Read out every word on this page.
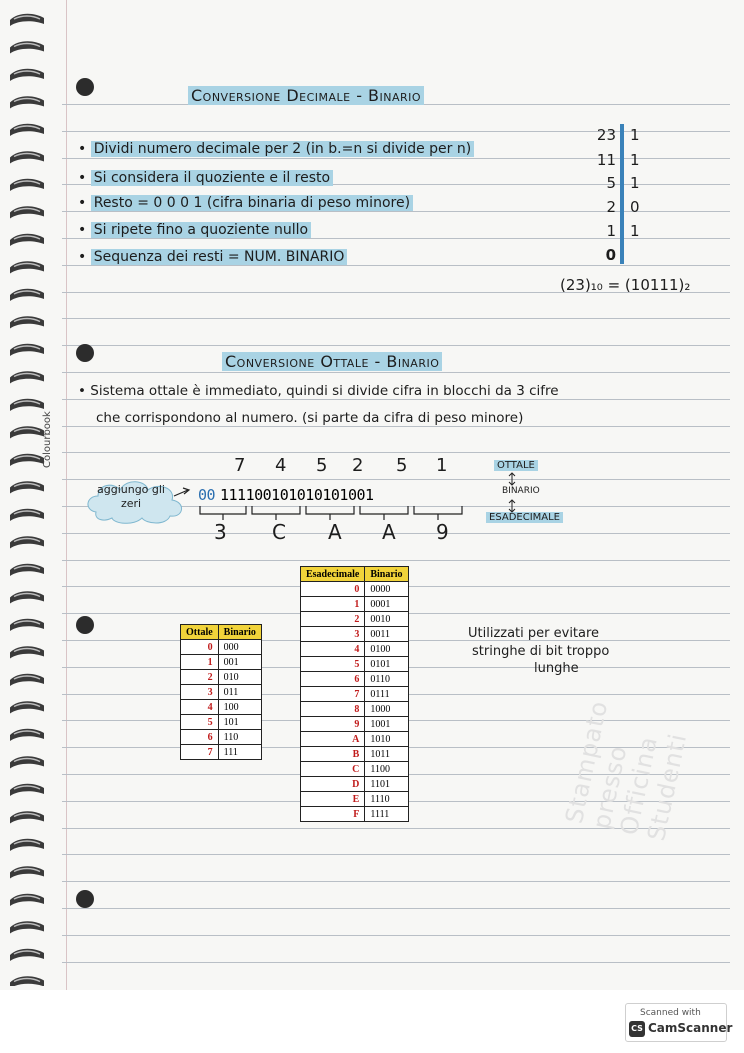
Colourbook
Stampato presso Officina Studenti
Conversione Decimale - Binario
• Dividi numero decimale per 2 (in b.=n si divide per n)
• Si considera il quoziente e il resto
• Resto = 0 0 0 1 (cifra binaria di peso minore)
• Si ripete fino a quoziente nullo
• Sequenza dei resti = NUM. BINARIO
23 1
11 1
5 1
2 0
1 1
0
(23)₁₀ = (10111)₂
Conversione Ottale - Binario
• Sistema ottale è immediato, quindi si divide cifra in blocchi da 3 cifre
che corrispondono al numero. (si parte da cifra di peso minore)
aggiungo gli zeri
7 4 5 2 5 1
00 111100101010101001
3 C A A 9
OTTALE
BINARIO
ESADECIMALE
Ottale	Binario
0	000
1	001
2	010
3	011
4	100
5	101
6	110
7	111
Esadecimale	Binario
0	0000
1	0001
2	0010
3	0011
4	0100
5	0101
6	0110
7	0111
8	1000
9	1001
A	1010
B	1011
C	1100
D	1101
E	1110
F	1111
Utilizzati per evitare
stringhe di bit troppo
lunghe
Scanned with
CS CamScanner
